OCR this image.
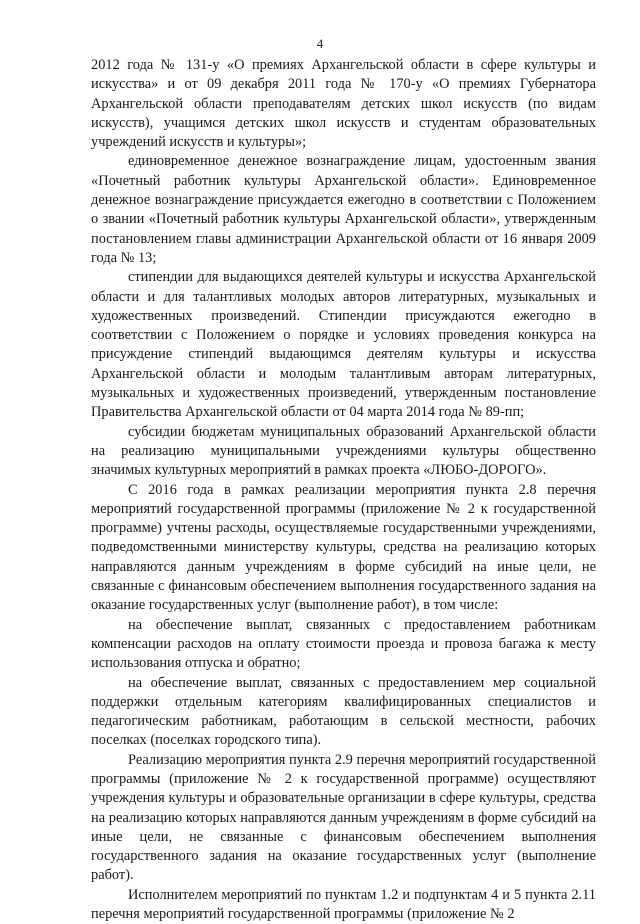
4

2012 года № 131-у «О премиях Архангельской области в сфере культуры и искусства» и от 09 декабря 2011 года № 170-у «О премиях Губернатора Архангельской области преподавателям детских школ искусств (по видам искусств), учащимся детских школ искусств и студентам образовательных учреждений искусств и культуры»;

единовременное денежное вознаграждение лицам, удостоенным звания «Почетный работник культуры Архангельской области». Единовременное денежное вознаграждение присуждается ежегодно в соответствии с Положением о звании «Почетный работник культуры Архангельской области», утвержденным постановлением главы администрации Архангельской области от 16 января 2009 года № 13;

стипендии для выдающихся деятелей культуры и искусства Архангельской области и для талантливых молодых авторов литературных, музыкальных и художественных произведений. Стипендии присуждаются ежегодно в соответствии с Положением о порядке и условиях проведения конкурса на присуждение стипендий выдающимся деятелям культуры и искусства Архангельской области и молодым талантливым авторам литературных, музыкальных и художественных произведений, утвержденным постановление Правительства Архангельской области от 04 марта 2014 года № 89-пп;

субсидии бюджетам муниципальных образований Архангельской области на реализацию муниципальными учреждениями культуры общественно значимых культурных мероприятий в рамках проекта «ЛЮБО-ДОРОГО».

С 2016 года в рамках реализации мероприятия пункта 2.8 перечня мероприятий государственной программы (приложение № 2 к государственной программе) учтены расходы, осуществляемые государственными учреждениями, подведомственными министерству культуры, средства на реализацию которых направляются данным учреждениям в форме субсидий на иные цели, не связанные с финансовым обеспечением выполнения государственного задания на оказание государственных услуг (выполнение работ), в том числе:

на обеспечение выплат, связанных с предоставлением работникам компенсации расходов на оплату стоимости проезда и провоза багажа к месту использования отпуска и обратно;

на обеспечение выплат, связанных с предоставлением мер социальной поддержки отдельным категориям квалифицированных специалистов и педагогическим работникам, работающим в сельской местности, рабочих поселках (поселках городского типа).

Реализацию мероприятия пункта 2.9 перечня мероприятий государственной программы (приложение № 2 к государственной программе) осуществляют учреждения культуры и образовательные организации в сфере культуры, средства на реализацию которых направляются данным учреждениям в форме субсидий на иные цели, не связанные с финансовым обеспечением выполнения государственного задания на оказание государственных услуг (выполнение работ).

Исполнителем мероприятий по пунктам 1.2 и подпунктам 4 и 5 пункта 2.11 перечня мероприятий государственной программы (приложение № 2
